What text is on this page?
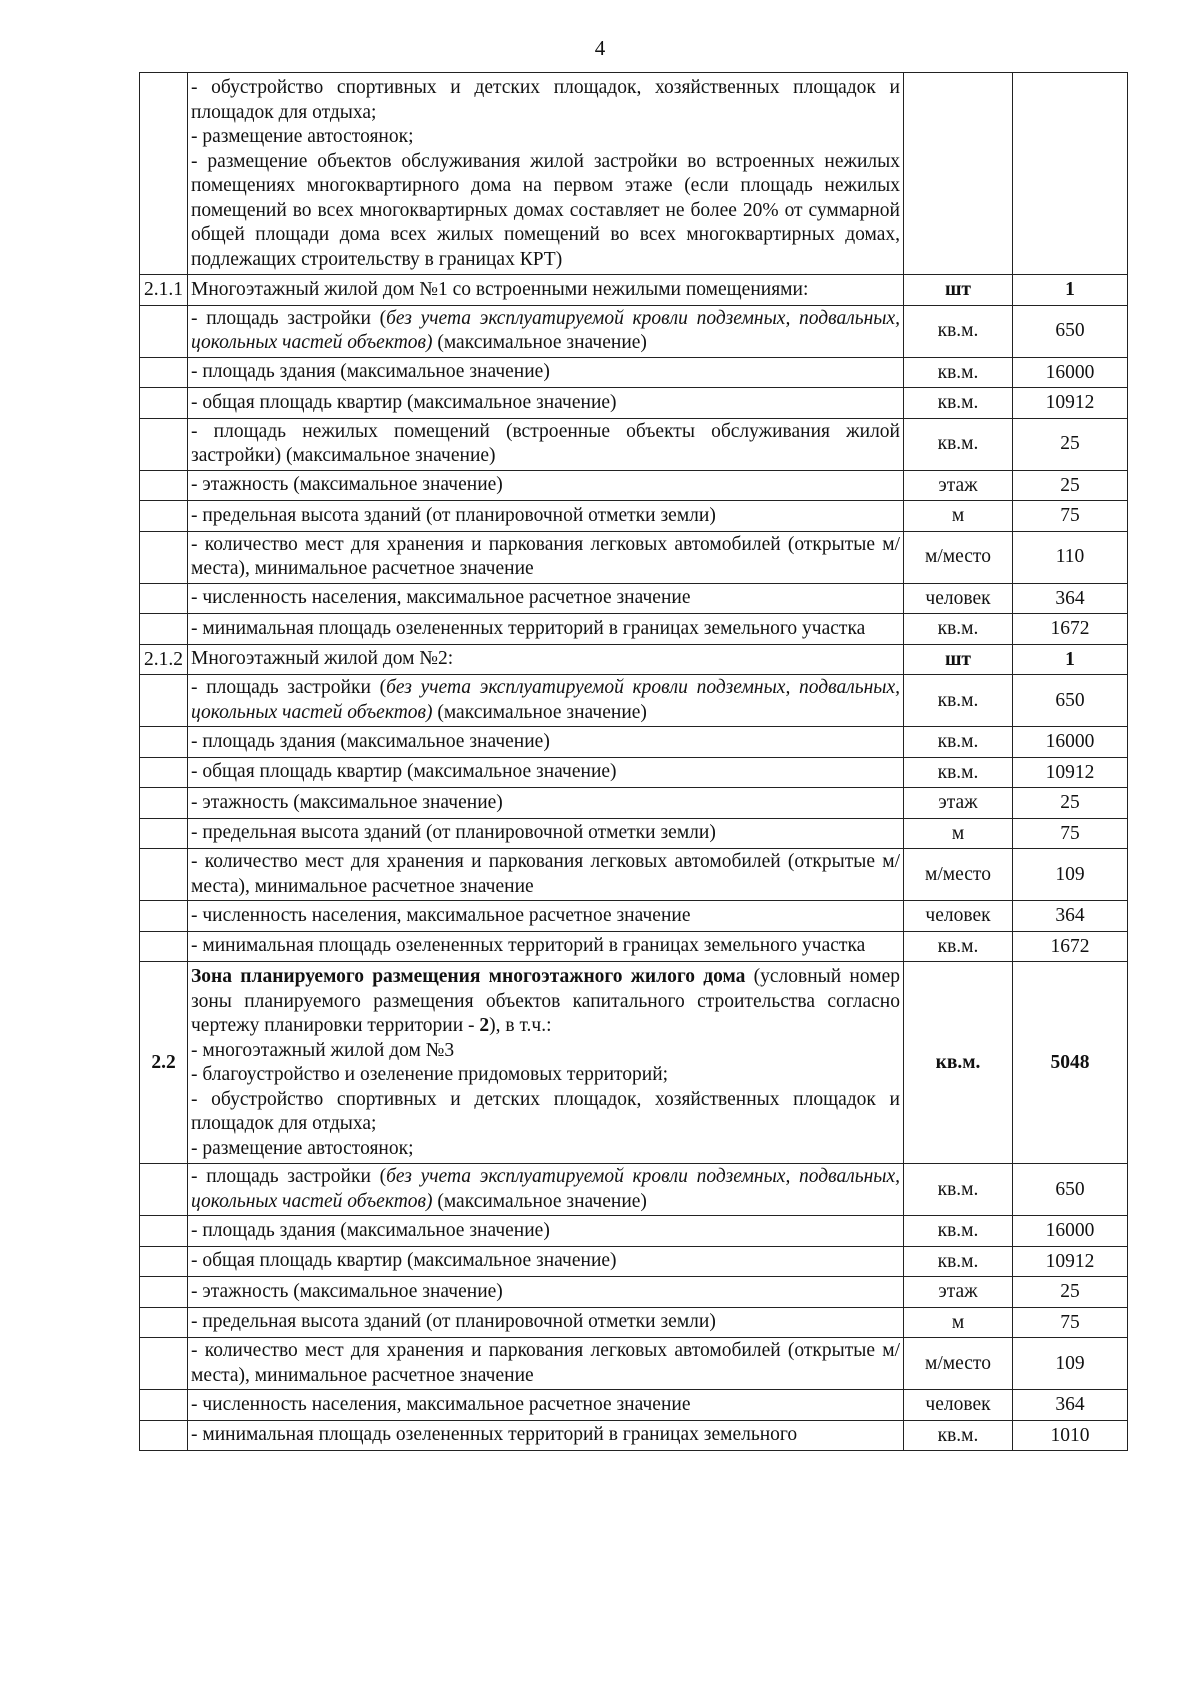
4

	- обустройство спортивных и детских площадок, хозяйственных площадок и площадок для отдыха;
- размещение автостоянок;
- размещение объектов обслуживания жилой застройки во встроенных нежилых помещениях многоквартирного дома на первом этаже (если площадь нежилых помещений во всех многоквартирных домах составляет не более 20% от суммарной общей площади дома всех жилых помещений во всех многоквартирных домах, подлежащих строительству в границах КРТ)		

2.1.1	Многоэтажный жилой дом №1 со встроенными нежилыми помещениями:	шт	1
	- площадь застройки (без учета эксплуатируемой кровли подземных, подвальных, цокольных частей объектов) (максимальное значение)	кв.м.	650
	- площадь здания (максимальное значение)	кв.м.	16000
	- общая площадь квартир (максимальное значение)	кв.м.	10912
	- площадь нежилых помещений (встроенные объекты обслуживания жилой застройки) (максимальное значение)	кв.м.	25
	- этажность (максимальное значение)	этаж	25
	- предельная высота зданий (от планировочной отметки земли)	м	75
	- количество мест для хранения и паркования легковых автомобилей (открытые м/места), минимальное расчетное значение	м/место	110
	- численность населения, максимальное расчетное значение	человек	364
	- минимальная площадь озелененных территорий в границах земельного участка	кв.м.	1672
2.1.2	Многоэтажный жилой дом №2:	шт	1
	- площадь застройки (без учета эксплуатируемой кровли подземных, подвальных, цокольных частей объектов) (максимальное значение)	кв.м.	650
	- площадь здания (максимальное значение)	кв.м.	16000
	- общая площадь квартир (максимальное значение)	кв.м.	10912
	- этажность (максимальное значение)	этаж	25
	- предельная высота зданий (от планировочной отметки земли)	м	75
	- количество мест для хранения и паркования легковых автомобилей (открытые м/места), минимальное расчетное значение	м/место	109
	- численность населения, максимальное расчетное значение	человек	364
	- минимальная площадь озелененных территорий в границах земельного участка	кв.м.	1672
2.2	Зона планируемого размещения многоэтажного жилого дома (условный номер зоны планируемого размещения объектов капитального строительства согласно чертежу планировки территории - 2), в т.ч.:
- многоэтажный жилой дом №3
- благоустройство и озеленение придомовых территорий;
- обустройство спортивных и детских площадок, хозяйственных площадок и площадок для отдыха;
- размещение автостоянок;	кв.м.	5048
	- площадь застройки (без учета эксплуатируемой кровли подземных, подвальных, цокольных частей объектов) (максимальное значение)	кв.м.	650
	- площадь здания (максимальное значение)	кв.м.	16000
	- общая площадь квартир (максимальное значение)	кв.м.	10912
	- этажность (максимальное значение)	этаж	25
	- предельная высота зданий (от планировочной отметки земли)	м	75
	- количество мест для хранения и паркования легковых автомобилей (открытые м/места), минимальное расчетное значение	м/место	109
	- численность населения, максимальное расчетное значение	человек	364
	- минимальная площадь озелененных территорий в границах земельного	кв.м.	1010
